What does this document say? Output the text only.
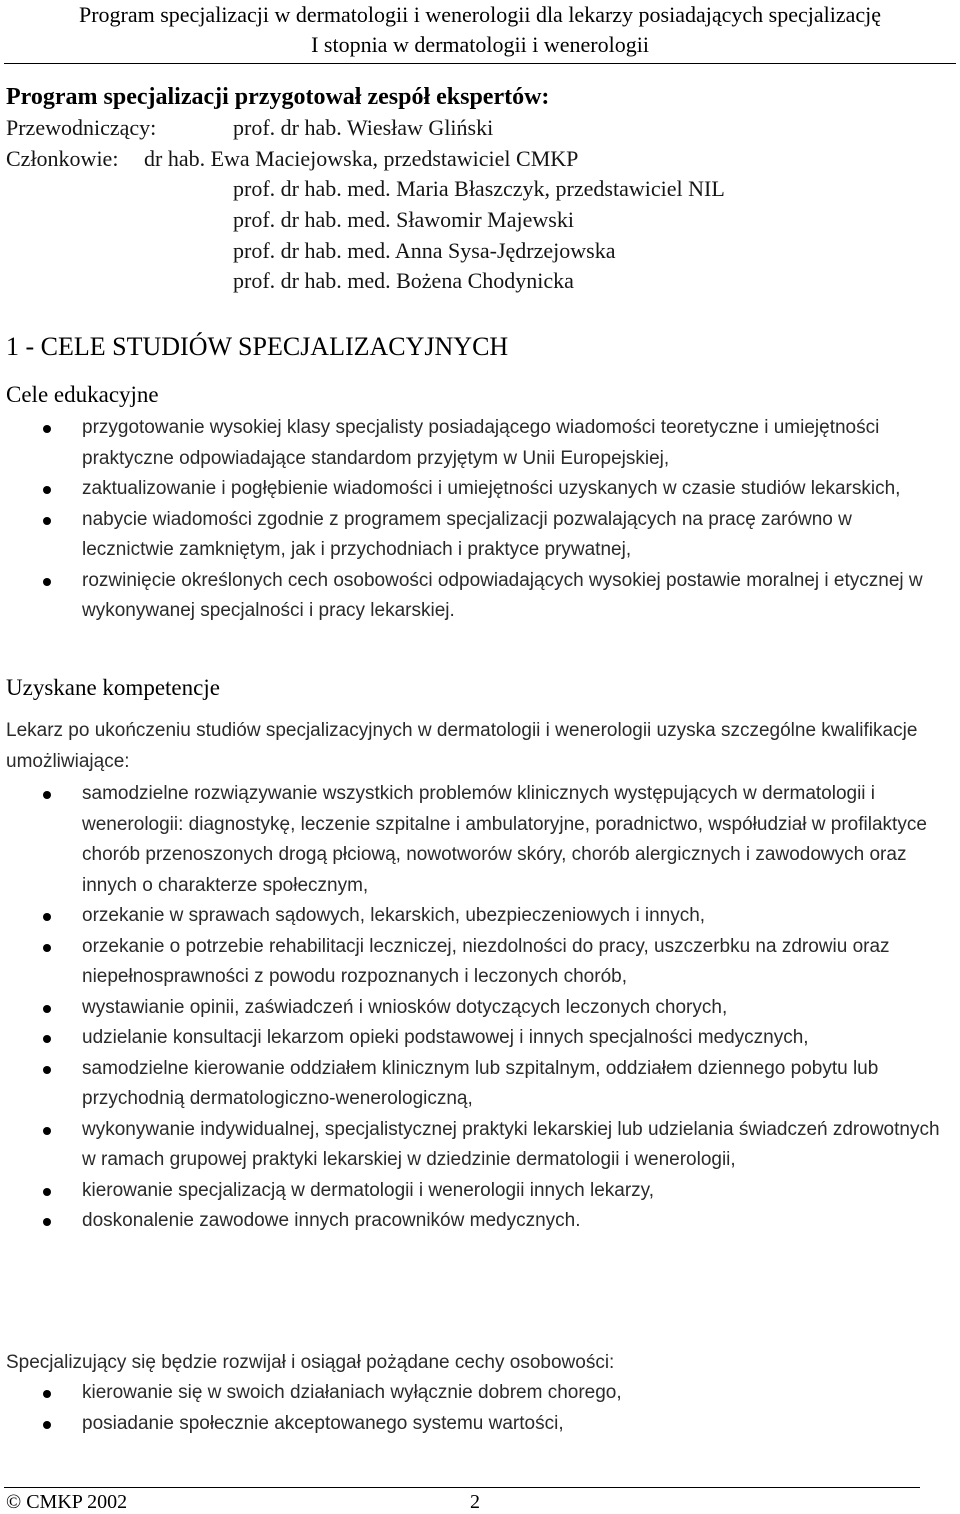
Program specjalizacji w dermatologii i wenerologii dla lekarzy posiadających specjalizację
I stopnia w dermatologii i wenerologii
Program specjalizacji przygotował zespół ekspertów:
Przewodniczący:	prof. dr hab. Wiesław Gliński
Członkowie: dr hab. Ewa Maciejowska, przedstawiciel CMKP
prof. dr hab. med. Maria Błaszczyk, przedstawiciel NIL
prof. dr hab. med. Sławomir Majewski
prof. dr hab. med. Anna Sysa-Jędrzejowska
prof. dr hab. med. Bożena Chodynicka
1 - CELE STUDIÓW SPECJALIZACYJNYCH
Cele edukacyjne
przygotowanie wysokiej klasy specjalisty posiadającego wiadomości teoretyczne i umiejętności praktyczne odpowiadające standardom przyjętym w Unii Europejskiej,
zaktualizowanie i pogłębienie wiadomości i umiejętności uzyskanych w czasie studiów lekarskich,
nabycie wiadomości zgodnie z programem specjalizacji pozwalających na pracę zarówno w lecznictwie zamkniętym, jak i przychodniach i praktyce prywatnej,
rozwinięcie określonych cech osobowości odpowiadających wysokiej postawie moralnej i etycznej w wykonywanej specjalności i pracy lekarskiej.
Uzyskane kompetencje
Lekarz po ukończeniu studiów specjalizacyjnych w dermatologii i wenerologii uzyska szczególne kwalifikacje umożliwiające:
samodzielne rozwiązywanie wszystkich problemów klinicznych występujących w dermatologii i wenerologii: diagnostykę, leczenie szpitalne i ambulatoryjne, poradnictwo, współudział w profilaktyce chorób przenoszonych drogą płciową, nowotworów skóry, chorób alergicznych i zawodowych oraz innych o charakterze społecznym,
orzekanie w sprawach sądowych, lekarskich, ubezpieczeniowych i innych,
orzekanie o potrzebie rehabilitacji leczniczej, niezdolności do pracy, uszczerbku na zdrowiu oraz niepełnosprawności z powodu rozpoznanych i leczonych chorób,
wystawianie opinii, zaświadczeń i wniosków dotyczących leczonych chorych,
udzielanie konsultacji lekarzom opieki podstawowej i innych specjalności medycznych,
samodzielne kierowanie oddziałem klinicznym lub szpitalnym, oddziałem dziennego pobytu lub przychodnią dermatologiczno-wenerologiczną,
wykonywanie indywidualnej, specjalistycznej praktyki lekarskiej lub udzielania świadczeń zdrowotnych w ramach grupowej praktyki lekarskiej w dziedzinie dermatologii i wenerologii,
kierowanie specjalizacją w dermatologii i wenerologii innych lekarzy,
doskonalenie zawodowe innych pracowników medycznych.
Specjalizujący się będzie rozwijał i osiągał pożądane cechy osobowości:
kierowanie się w swoich działaniach wyłącznie dobrem chorego,
posiadanie społecznie akceptowanego systemu wartości,
© CMKP 2002	2
